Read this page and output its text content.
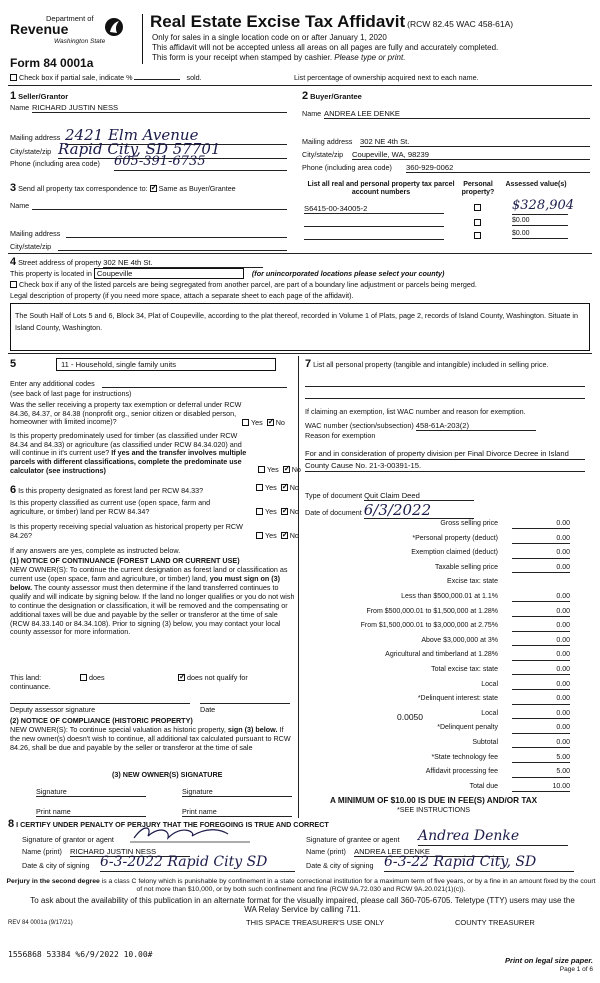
Department of
Revenue
Washington State
Form 84 0001a
Real Estate Excise Tax Affidavit (RCW 82.45 WAC 458-61A)
Only for sales in a single location code on or after January 1, 2020
This affidavit will not be accepted unless all areas on all pages are fully and accurately completed.
This form is your receipt when stamped by cashier. Please type or print.
Check box if partial sale, indicate %	sold.	List percentage of ownership acquired next to each name.
1 Seller/Grantor
Name RICHARD JUSTIN NESS
Mailing address 2421 Elm Avenue
City/state/zip Rapid City, SD 57701
Phone (including area code) 605-391-6735
2 Buyer/Grantee
Name ANDREA LEE DENKE
Mailing address 302 NE 4th St.
City/state/zip Coupeville, WA, 98239
Phone (including area code) 360-929-0062
3 Send all property tax correspondence to: ✓ Same as Buyer/Grantee
Name
Mailing address
City/state/zip
List all real and personal property tax parcel account numbers
Personal property?
Assessed value(s)
S6415-00-34005-2	$328,904
$0.00
$0.00
4 Street address of property 302 NE 4th St.
This property is located in Coupeville	(for unincorporated locations please select your county)
Check box if any of the listed parcels are being segregated from another parcel, are part of a boundary line adjustment or parcels being merged.
Legal description of property (if you need more space, attach a separate sheet to each page of the affidavit).
The South Half of Lots 5 and 6, Block 34, Plat of Coupeville, according to the plat thereof, recorded in Volume 1 of Plats, page 2, records of Island County, Washington. Situate in Island County, Washington.
5	11 - Household, single family units
Enter any additional codes
(see back of last page for instructions)
Was the seller receiving a property tax exemption or deferral under RCW 84.36, 84.37, or 84.38 (nonprofit org., senior citizen or disabled person, homeowner with limited income)?	Yes ✓ No
Is this property predominately used for timber (as classified under RCW 84.34 and 84.33) or agriculture (as classified under RCW 84.34.020) and will continue in it's current use? If yes and the transfer involves multiple parcels with different classifications, complete the predominate use calculator (see instructions)	Yes ✓ No
6 Is this property designated as forest land per RCW 84.33?	Yes ✓ No
Is this property classified as current use (open space, farm and agriculture, or timber) land per RCW 84.34?	Yes ✓ No
Is this property receiving special valuation as historical property per RCW 84.26?	Yes ✓ No
If any answers are yes, complete as instructed below.
(1) NOTICE OF CONTINUANCE (FOREST LAND OR CURRENT USE)
NEW OWNER(S): To continue the current designation as forest land or classification as current use (open space, farm and agriculture, or timber) land, you must sign on (3) below. The county assessor must then determine if the land transferred continues to qualify and will indicate by signing below. If the land no longer qualifies or you do not wish to continue the designation or classification, it will be removed and the compensating or additional taxes will be due and payable by the seller or transferor at the time of sale (RCW 84.33.140 or 84.34.108). Prior to signing (3) below, you may contact your local county assessor for more information.
This land:	does ✓	does not qualify for
continuance.
Deputy assessor signature	Date
(2) NOTICE OF COMPLIANCE (HISTORIC PROPERTY)
NEW OWNER(S): To continue special valuation as historic property, sign (3) below. If the new owner(s) doesn't wish to continue, all additional tax calculated pursuant to RCW 84.26, shall be due and payable by the seller or transferor at the time of sale
(3) NEW OWNER(S) SIGNATURE
Signature	Signature
Print name	Print name
7 List all personal property (tangible and intangible) included in selling price.
If claiming an exemption, list WAC number and reason for exemption.
WAC number (section/subsection) 458-61A-203(2)
Reason for exemption
For and in consideration of property division per Final Divorce Decree in Island County Cause No. 21-3-00391-15.
Type of document Quit Claim Deed
Date of document 6/3/2022
Gross selling price	0.00
*Personal property (deduct)	0.00
Exemption claimed (deduct)	0.00
Taxable selling price	0.00
Excise tax: state
Less than $500,000.01 at 1.1%	0.00
From $500,000.01 to $1,500,000 at 1.28%	0.00
From $1,500,000.01 to $3,000,000 at 2.75%	0.00
Above $3,000,000 at 3%	0.00
Agricultural and timberland at 1.28%	0.00
Total excise tax: state	0.00
Local	0.00
*Delinquent interest: state	0.00
Local	0.00
*Delinquent penalty	0.00
Subtotal	0.00
*State technology fee	5.00
Affidavit processing fee	5.00
Total due	10.00
0.0050
A MINIMUM OF $10.00 IS DUE IN FEE(S) AND/OR TAX
*SEE INSTRUCTIONS
8 I CERTIFY UNDER PENALTY OF PERJURY THAT THE FOREGOING IS TRUE AND CORRECT
Signature of grantor or agent
Name (print) RICHARD JUSTIN NESS
Date & city of signing 6-3-2022 Rapid City SD
Signature of grantee or agent Andrea Denke
Name (print) ANDREA LEE DENKE
Date & city of signing 6-3-22 Rapid City, SD
Perjury in the second degree is a class C felony which is punishable by confinement in a state correctional institution for a maximum term of five years, or by a fine in an amount fixed by the court of not more than $10,000, or by both such confinement and fine (RCW 9A.72.030 and RCW 9A.20.021(1)(c)).
To ask about the availability of this publication in an alternate format for the visually impaired, please call 360-705-6705. Teletype (TTY) users may use the WA Relay Service by calling 711.
REV 84 0001a (9/17/21)	THIS SPACE TREASURER'S USE ONLY	COUNTY TREASURER
1556868 53384 %6/9/2022 10.00#
Print on legal size paper.
Page 1 of 6
